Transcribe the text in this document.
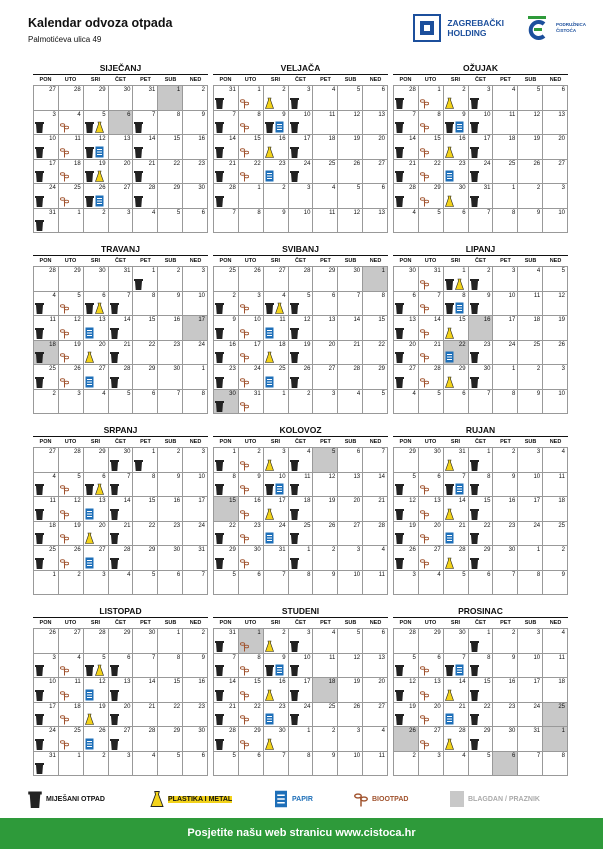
Kalendar odvoza otpada
Palmotićeva ulica 49
ZAGREBAČKI
HOLDING
PODRUŽNICA
ČISTOĆA
SIJEČANJ
PON	UTO	SRI	ČET	PET	SUB	NED
27	28	29	30	31	1	2
3	4	5	6	7	8	9
10	11	12	13	14	15	16
17	18	19	20	21	22	23
24	25	26	27	28	29	30
31	1	2	3	4	5	6
VELJAČA
PON	UTO	SRI	ČET	PET	SUB	NED
31	1	2	3	4	5	6
7	8	9	10	11	12	13
14	15	16	17	18	19	20
21	22	23	24	25	26	27
28	1	2	3	4	5	6
7	8	9	10	11	12	13
OŽUJAK
PON	UTO	SRI	ČET	PET	SUB	NED
28	1	2	3	4	5	6
7	8	9	10	11	12	13
14	15	16	17	18	19	20
21	22	23	24	25	26	27
28	29	30	31	1	2	3
4	5	6	7	8	9	10
TRAVANJ
PON	UTO	SRI	ČET	PET	SUB	NED
28	29	30	31	1	2	3
4	5	6	7	8	9	10
11	12	13	14	15	16	17
18	19	20	21	22	23	24
25	26	27	28	29	30	1
2	3	4	5	6	7	8
SVIBANJ
PON	UTO	SRI	ČET	PET	SUB	NED
25	26	27	28	29	30	1
2	3	4	5	6	7	8
9	10	11	12	13	14	15
16	17	18	19	20	21	22
23	24	25	26	27	28	29
30	31	1	2	3	4	5
LIPANJ
PON	UTO	SRI	ČET	PET	SUB	NED
30	31	1	2	3	4	5
6	7	8	9	10	11	12
13	14	15	16	17	18	19
20	21	22	23	24	25	26
27	28	29	30	1	2	3
4	5	6	7	8	9	10
SRPANJ
PON	UTO	SRI	ČET	PET	SUB	NED
27	28	29	30	1	2	3
4	5	6	7	8	9	10
11	12	13	14	15	16	17
18	19	20	21	22	23	24
25	26	27	28	29	30	31
1	2	3	4	5	6	7
KOLOVOZ
PON	UTO	SRI	ČET	PET	SUB	NED
1	2	3	4	5	6	7
8	9	10	11	12	13	14
15	16	17	18	19	20	21
22	23	24	25	26	27	28
29	30	31	1	2	3	4
5	6	7	8	9	10	11
RUJAN
PON	UTO	SRI	ČET	PET	SUB	NED
29	30	31	1	2	3	4
5	6	7	8	9	10	11
12	13	14	15	16	17	18
19	20	21	22	23	24	25
26	27	28	29	30	1	2
3	4	5	6	7	8	9
LISTOPAD
PON	UTO	SRI	ČET	PET	SUB	NED
26	27	28	29	30	1	2
3	4	5	6	7	8	9
10	11	12	13	14	15	16
17	18	19	20	21	22	23
24	25	26	27	28	29	30
31	1	2	3	4	5	6
STUDENI
PON	UTO	SRI	ČET	PET	SUB	NED
31	1	2	3	4	5	6
7	8	9	10	11	12	13
14	15	16	17	18	19	20
21	22	23	24	25	26	27
28	29	30	1	2	3	4
5	6	7	8	9	10	11
PROSINAC
PON	UTO	SRI	ČET	PET	SUB	NED
28	29	30	1	2	3	4
5	6	7	8	9	10	11
12	13	14	15	16	17	18
19	20	21	22	23	24	25
26	27	28	29	30	31	1
2	3	4	5	6	7	8
MIJEŠANI OTPAD	PLASTIKA I METAL	PAPIR	BIOOTPAD	BLAGDAN / PRAZNIK
Posjetite našu web stranicu www.cistoca.hr
